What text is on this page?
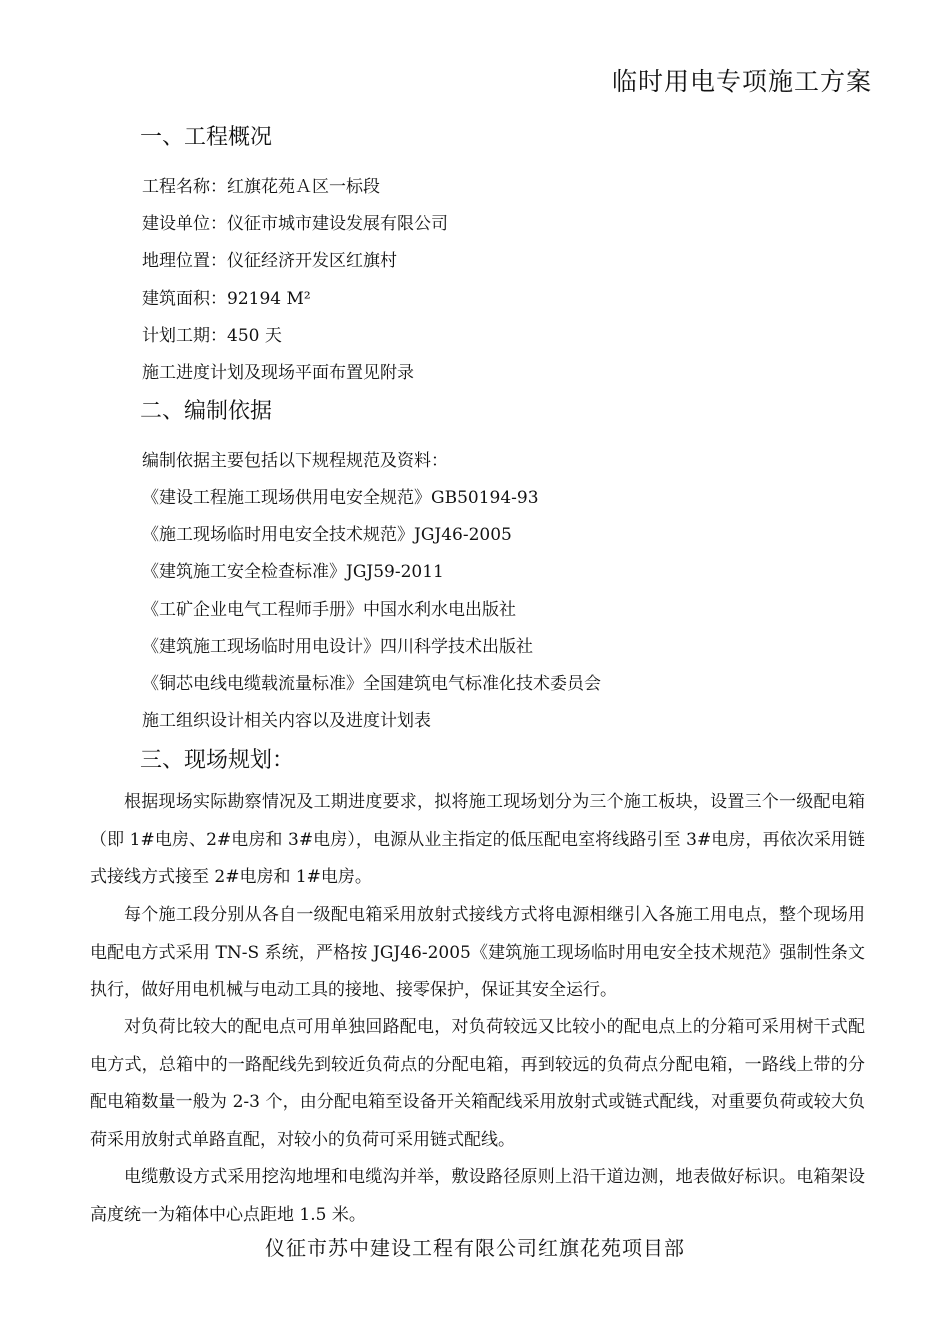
临时用电专项施工方案
一、工程概况
工程名称：红旗花苑Ａ区一标段
建设单位：仪征市城市建设发展有限公司
地理位置：仪征经济开发区红旗村
建筑面积：92194 M²
计划工期：450 天
施工进度计划及现场平面布置见附录
二、编制依据
编制依据主要包括以下规程规范及资料：
《建设工程施工现场供用电安全规范》GB50194-93
《施工现场临时用电安全技术规范》JGJ46-2005
《建筑施工安全检查标准》JGJ59-2011
《工矿企业电气工程师手册》中国水利水电出版社
《建筑施工现场临时用电设计》四川科学技术出版社
《铜芯电线电缆载流量标准》全国建筑电气标准化技术委员会
施工组织设计相关内容以及进度计划表
三、现场规划：
根据现场实际勘察情况及工期进度要求，拟将施工现场划分为三个施工板块，设置三个一级配电箱（即 1#电房、2#电房和 3#电房），电源从业主指定的低压配电室将线路引至 3#电房，再依次采用链式接线方式接至 2#电房和 1#电房。
每个施工段分别从各自一级配电箱采用放射式接线方式将电源相继引入各施工用电点，整个现场用电配电方式采用 TN-S 系统，严格按 JGJ46-2005《建筑施工现场临时用电安全技术规范》强制性条文执行，做好用电机械与电动工具的接地、接零保护，保证其安全运行。
对负荷比较大的配电点可用单独回路配电，对负荷较远又比较小的配电点上的分箱可采用树干式配电方式，总箱中的一路配线先到较近负荷点的分配电箱，再到较远的负荷点分配电箱，一路线上带的分配电箱数量一般为 2-3 个，由分配电箱至设备开关箱配线采用放射式或链式配线，对重要负荷或较大负荷采用放射式单路直配，对较小的负荷可采用链式配线。
电缆敷设方式采用挖沟地埋和电缆沟并举，敷设路径原则上沿干道边测，地表做好标识。电箱架设高度统一为箱体中心点距地 1.5 米。
仪征市苏中建设工程有限公司红旗花苑项目部
